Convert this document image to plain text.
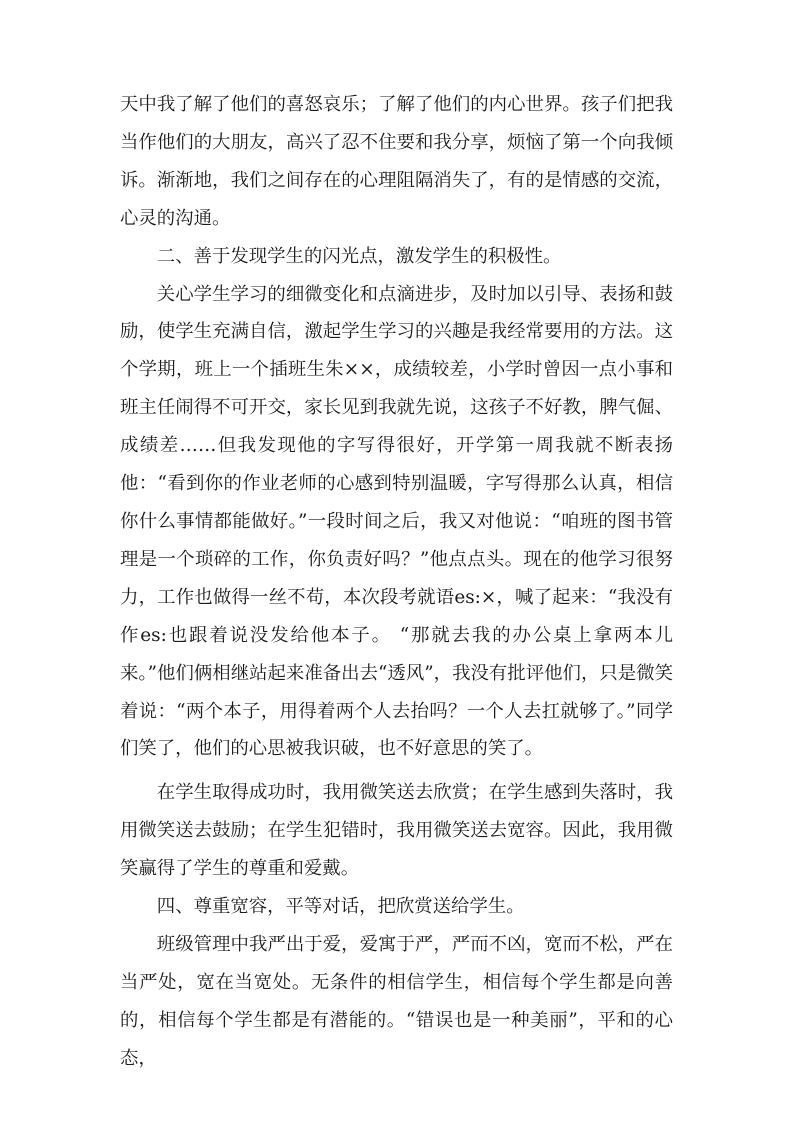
天中我了解了他们的喜怒哀乐；了解了他们的内心世界。孩子们把我当作他们的大朋友，高兴了忍不住要和我分享，烦恼了第一个向我倾诉。渐渐地，我们之间存在的心理阻隔消失了，有的是情感的交流，心灵的沟通。

二、善于发现学生的闪光点，激发学生的积极性。

关心学生学习的细微变化和点滴进步，及时加以引导、表扬和鼓励，使学生充满自信，激起学生学习的兴趣是我经常要用的方法。这个学期，班上一个插班生朱××，成绩较差，小学时曾因一点小事和班主任闹得不可开交，家长见到我就先说，这孩子不好教，脾气倔、成绩差……但我发现他的字写得很好，开学第一周我就不断表扬他：“看到你的作业老师的心感到特别温暖，字写得那么认真，相信你什么事情都能做好。”一段时间之后，我又对他说：“咱班的图书管理是一个琐碎的工作，你负责好吗？”他点点头。现在的他学习很努力，工作也做得一丝不苟，本次段考就语es:×，喊了起来：“我没有作es:也跟着说没发给他本子。 “那就去我的办公桌上拿两本儿来。”他们俩相继站起来准备出去“透风”，我没有批评他们，只是微笑着说：“两个本子，用得着两个人去抬吗？一个人去扛就够了。”同学们笑了，他们的心思被我识破，也不好意思的笑了。

在学生取得成功时，我用微笑送去欣赏；在学生感到失落时，我用微笑送去鼓励；在学生犯错时，我用微笑送去宽容。因此，我用微笑赢得了学生的尊重和爱戴。

四、尊重宽容，平等对话，把欣赏送给学生。

班级管理中我严出于爱，爱寓于严，严而不凶，宽而不松，严在当严处，宽在当宽处。无条件的相信学生，相信每个学生都是向善的，相信每个学生都是有潜能的。“错误也是一种美丽”，平和的心态，
